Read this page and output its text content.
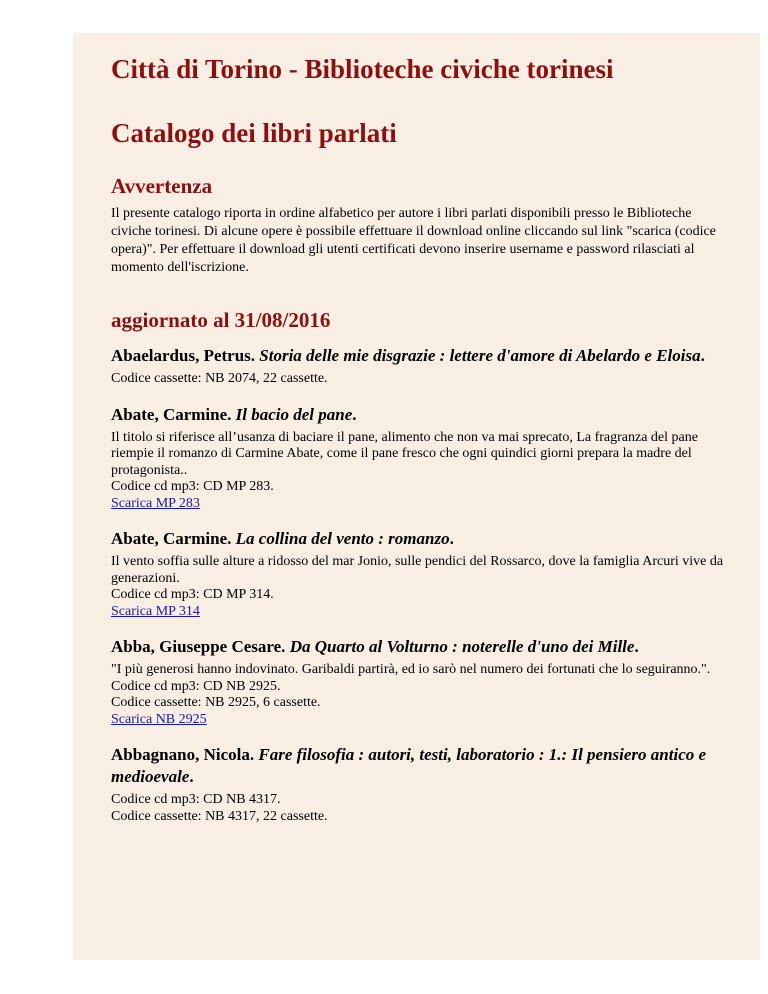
Città di Torino - Biblioteche civiche torinesi
Catalogo dei libri parlati
Avvertenza

Il presente catalogo riporta in ordine alfabetico per autore i libri parlati disponibili presso le Biblioteche civiche torinesi. Di alcune opere è possibile effettuare il download online cliccando sul link "scarica (codice opera)". Per effettuare il download gli utenti certificati devono inserire username e password rilasciati al momento dell'iscrizione.

aggiornato al 31/08/2016
Abaelardus, Petrus. Storia delle mie disgrazie : lettere d'amore di Abelardo e Eloisa.
Codice cassette: NB 2074, 22 cassette.
Abate, Carmine. Il bacio del pane.
Il titolo si riferisce all’usanza di baciare il pane, alimento che non va mai sprecato, La fragranza del pane riempie il romanzo di Carmine Abate, come il pane fresco che ogni quindici giorni prepara la madre del protagonista..
Codice cd mp3: CD MP 283.
Scarica MP 283
Abate, Carmine. La collina del vento : romanzo.
Il vento soffia sulle alture a ridosso del mar Jonio, sulle pendici del Rossarco, dove la famiglia Arcuri vive da generazioni.
Codice cd mp3: CD MP 314.
Scarica MP 314
Abba, Giuseppe Cesare. Da Quarto al Volturno : noterelle d'uno dei Mille.
"I più generosi hanno indovinato. Garibaldi partirà, ed io sarò nel numero dei fortunati che lo seguiranno.".
Codice cd mp3: CD NB 2925.
Codice cassette: NB 2925, 6 cassette.
Scarica NB 2925
Abbagnano, Nicola. Fare filosofia : autori, testi, laboratorio : 1.: Il pensiero antico e medioevale.
Codice cd mp3: CD NB 4317.
Codice cassette: NB 4317, 22 cassette.
